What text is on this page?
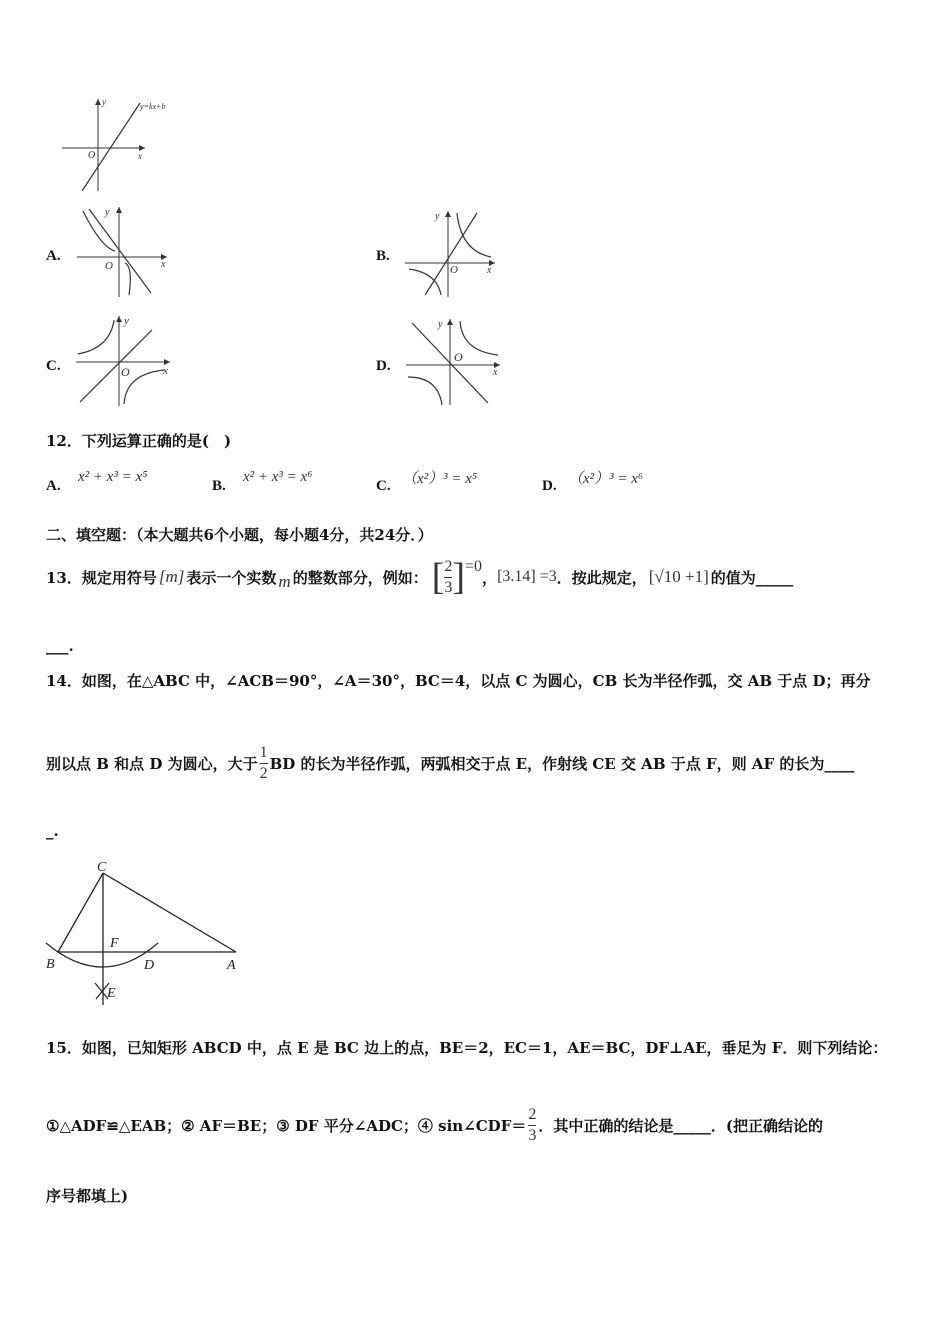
y=kx+b
x
y
O
A.
x
y
O
B.
x
y
O
C.	x
y
O	D.	x
y
O
12．下列运算正确的是(　)
A.
x² + x³ = x⁵
B.
x² + x³ = x⁶
C. （x²）³ = x⁵	D. （x²）³ = x⁶
二、填空题：（本大题共6个小题，每小题4分，共24分．）
13．规定用符号 [m] 表示一个实数 m 的整数部分，例如： [ $\frac{2}{3}$ ] =0
， [3.14] =3 ．按此规定， [√10 +1] 的值为_____
___.
14．如图，在△ABC 中，∠ACB＝90°，∠A＝30°，BC＝4，以点 C 为圆心，CB 长为半径作弧，交 AB 于点 D；再分
别以点 B 和点 D 为圆心，大于 $\frac{1}{2}$ BD 的长为半径作弧，两弧相交于点 E，作射线 CE 交 AB 于点 F，则 AF 的长为____
_.
C
F
B	D	A
E
15．如图，已知矩形 ABCD 中，点 E 是 BC 边上的点，BE＝2，EC＝1，AE＝BC，DF⊥AE，垂足为 F．则下列结论：
①△ADF≌△EAB；② AF＝BE；③ DF 平分∠ADC；④ sin∠CDF＝ $\frac{2}{3}$ ．其中正确的结论是_____．(把正确结论的
序号都填上)
